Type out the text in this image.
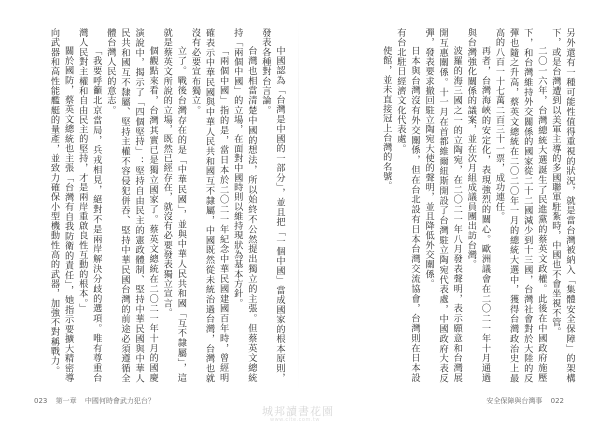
另外還有一種可能性值得重視的狀況，就是當台灣被納入「集體安全保障」的架構下，或是台灣遭到以美軍主導的多國聯軍駐紮時，中國也不會坐視不管。

二〇一六年，台灣總統大選誕生了民進黨的蔡英文政權。此後在中國政府施壓下，和台灣維持外交關係的國家從二十二國減少到十三國，台灣社會對於大陸的反彈也隨之升高，蔡英文總統在二〇二〇年一月的總統大選中，獲得台灣政治史上最高的八百一十七萬二百三十一票，成功連任。

再者，台灣海峽的安定化，表現強烈的關心。歐洲議會在二〇二一年十月通過與台灣強化關係的議案，並在次月組成議員團出訪台灣。

波羅的海三國之一的立陶宛，在二〇二一年八月發表聲明，表示願意和台灣展開互惠關係。十一月在首都維爾紐斯開設了台灣駐立陶宛代表處，中國政府大表反彈，發表要求撤回駐立陶宛大使的聲明，並且降低外交關係。

日本與台灣沒有外交關係，但在台北設有日本台灣交流協會，台灣則在日本設有台北駐日經濟文化代表處。

使館，並未直接冠上台灣的名號。

中國認為「台灣是中國的一部分」，並且把「一個中國」當成國家的根本原則，發表各種對台言論。

台灣也相當清楚中國的想法，所以始終不公然提出獨立的主張。但蔡英文總統持「兩個中國」的立場，在面對中國時則以維持現狀為基本方針。

「兩個中國」指的是，當日本於二〇二一年紀念中華民國建國百年時，曾經明確表示中華民國與中華人民共和國互不隸屬，中國既然從未統治過台灣，台灣也就沒有必要宣布獨立。

立了。戰後台灣存在的是「中華民國」，並與中華人民共和國「互不隸屬」，這就是蔡英文所說的立場，既然已經存在，就沒有必要發表獨立宣言。

個觀點來看，台灣其實已是獨立國家了。蔡英文總統在二〇二一年十月的國慶演說中，揭示了「四個堅持」：堅持自由民主的憲政體制、堅持中華民國與中華人民共和國互不隸屬、堅持主權不容侵犯併吞、堅持中華民國台灣的前途必須遵循全體台灣人民的意志。

「我要呼籲北京當局，兵戎相見，絕對不是兩岸解決分歧的選項。唯有尊重台灣人民對主權和自由民主的堅持，才是兩岸重啟良性互動的根本。」

關於國防，蔡英文總統也主張「台灣有自我防衛的責任」，她指示要擴大精密導向武器和高性能艦艇的量產，並致力確保小型機動性高的武器，加強不對稱戰力。

023 第一章 中國何時會武力犯台？	安全保障與台灣事 022
城邦讀書花園
www.cite.com.tw
